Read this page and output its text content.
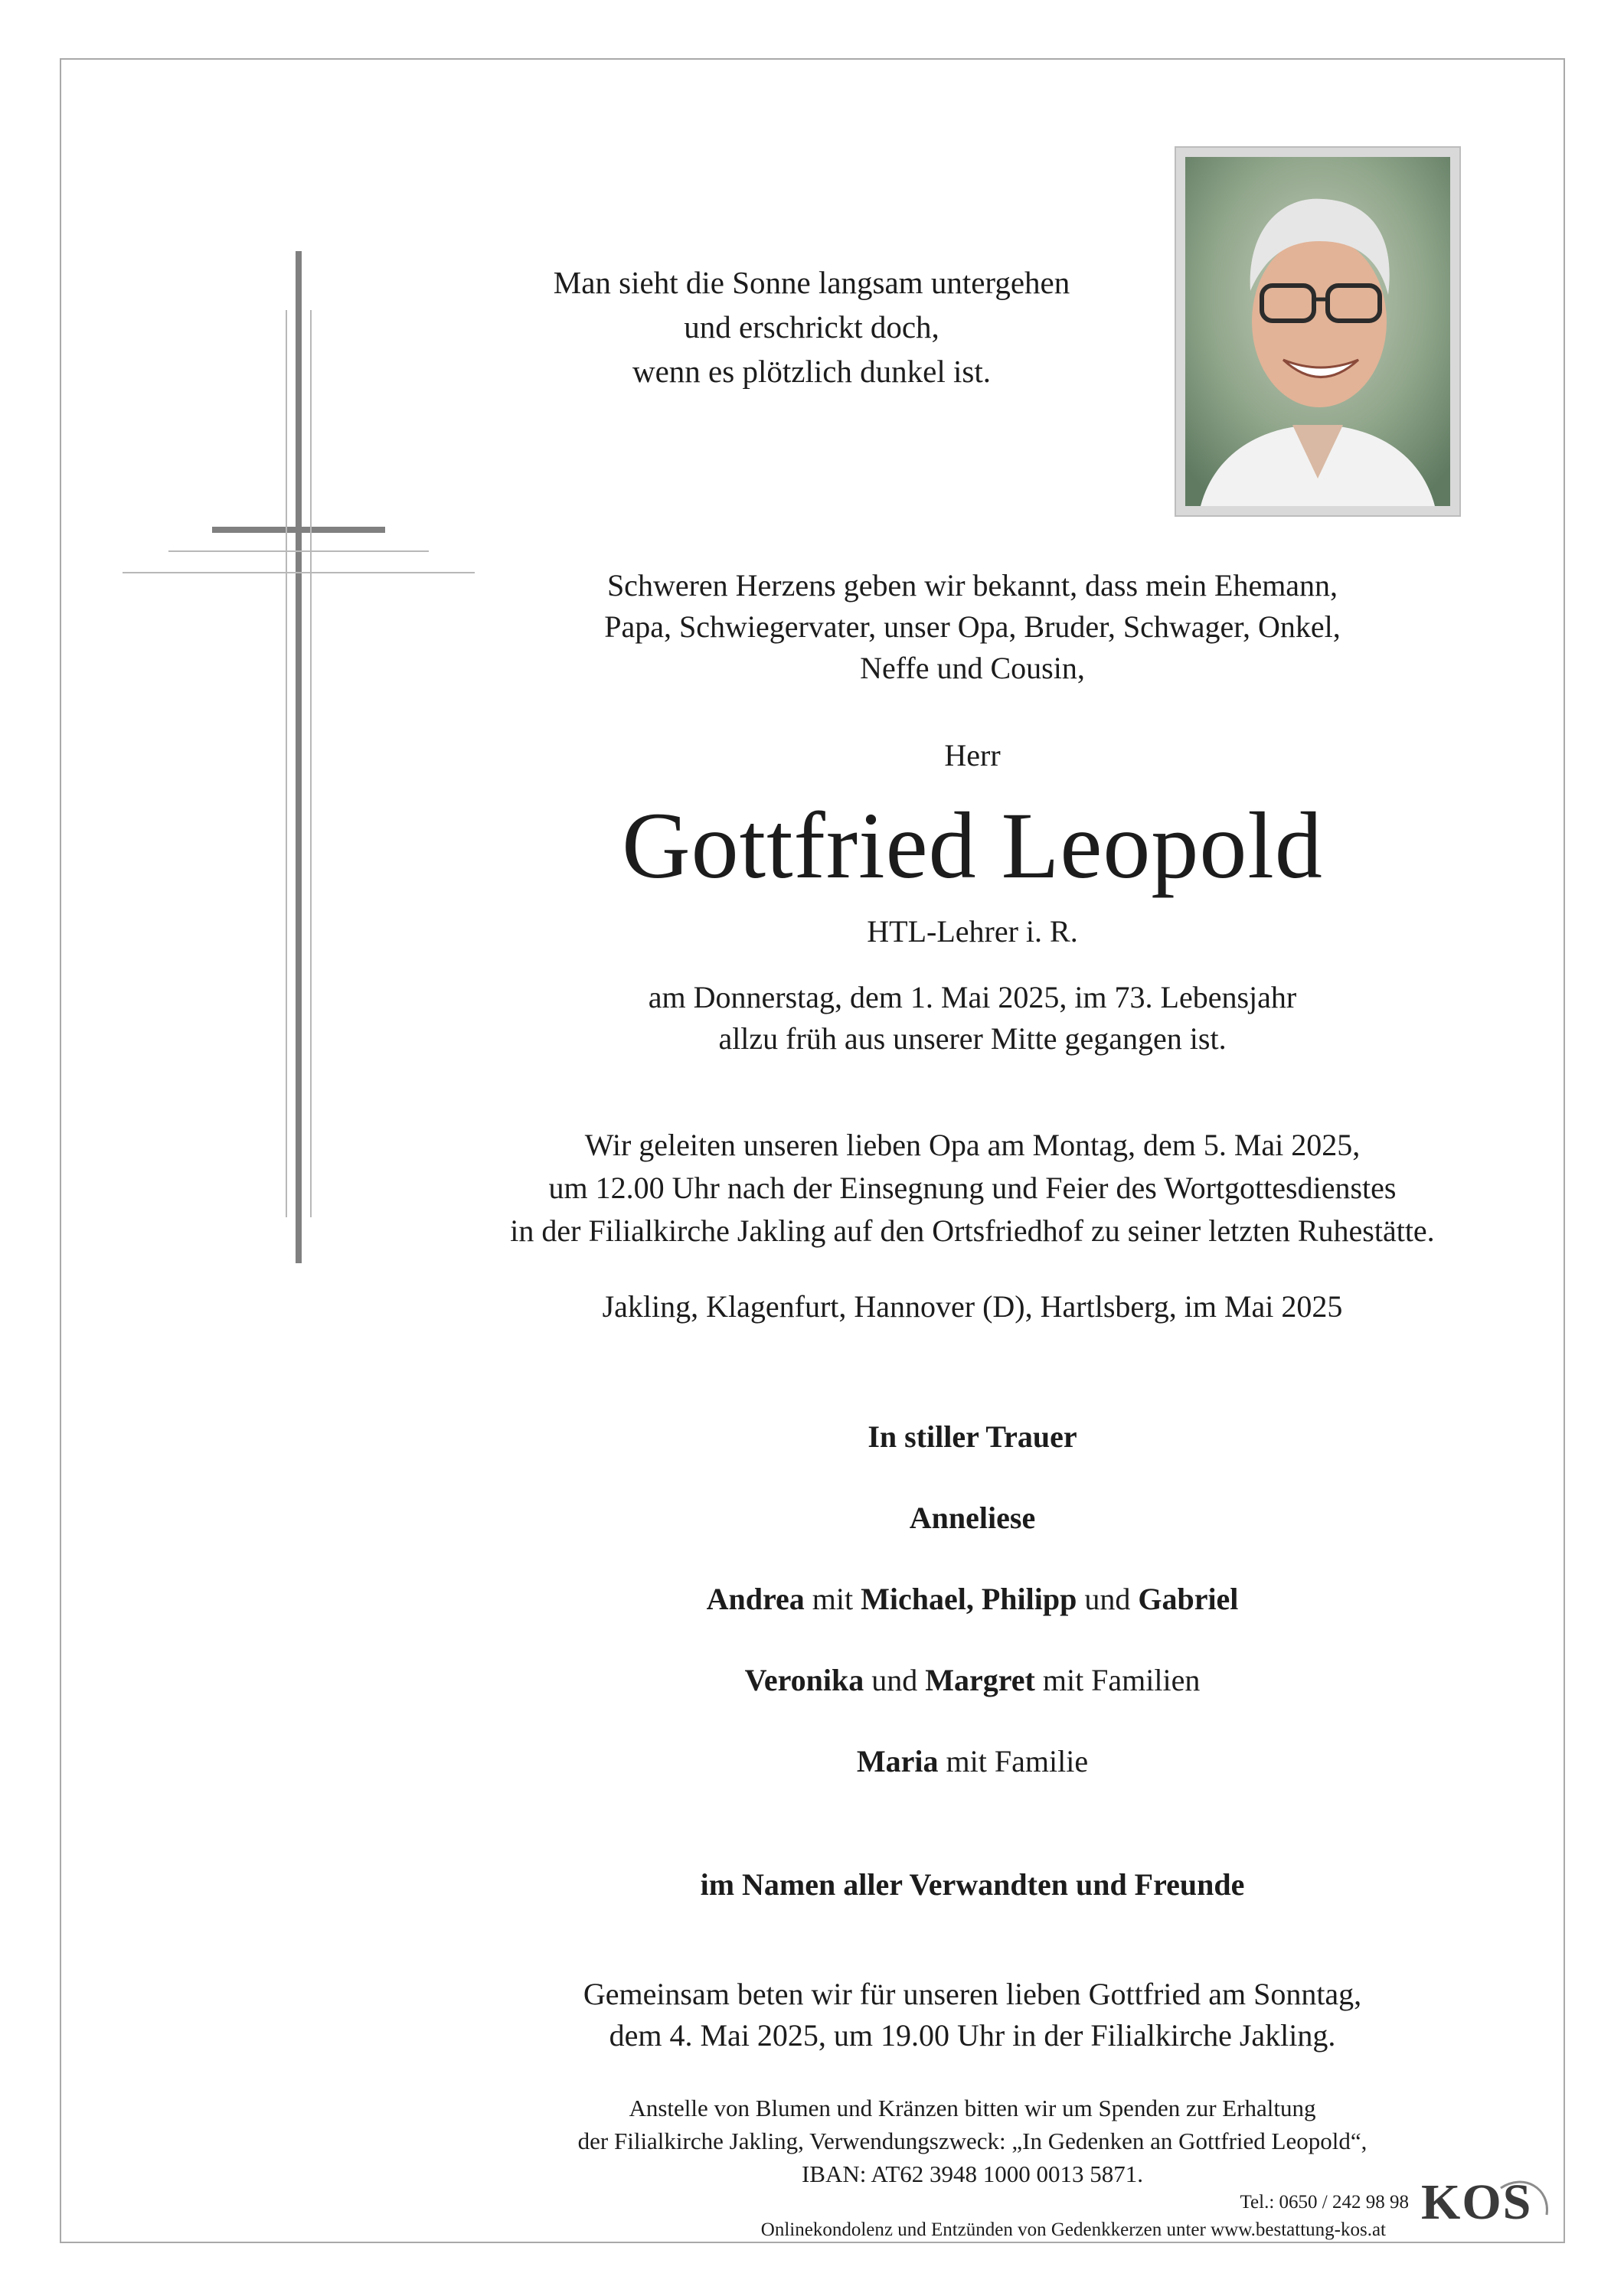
Man sieht die Sonne langsam untergehen
und erschrickt doch,
wenn es plötzlich dunkel ist.
Schweren Herzens geben wir bekannt, dass mein Ehemann,
Papa, Schwiegervater, unser Opa, Bruder, Schwager, Onkel,
Neffe und Cousin,
Herr
Gottfried Leopold
HTL-Lehrer i. R.
am Donnerstag, dem 1. Mai 2025, im 73. Lebensjahr
allzu früh aus unserer Mitte gegangen ist.
Wir geleiten unseren lieben Opa am Montag, dem 5. Mai 2025,
um 12.00 Uhr nach der Einsegnung und Feier des Wortgottesdienstes
in der Filialkirche Jakling auf den Ortsfriedhof zu seiner letzten Ruhestätte.
Jakling, Klagenfurt, Hannover (D), Hartlsberg, im Mai 2025
In stiller Trauer
Anneliese
Andrea mit Michael, Philipp und Gabriel
Veronika und Margret mit Familien
Maria mit Familie
im Namen aller Verwandten und Freunde
Gemeinsam beten wir für unseren lieben Gottfried am Sonntag,
dem 4. Mai 2025, um 19.00 Uhr in der Filialkirche Jakling.
Anstelle von Blumen und Kränzen bitten wir um Spenden zur Erhaltung
der Filialkirche Jakling, Verwendungszweck: „In Gedenken an Gottfried Leopold“,
IBAN: AT62 3948 1000 0013 5871.
Tel.: 0650 / 242 98 98
Onlinekondolenz und Entzünden von Gedenkkerzen unter www.bestattung-kos.at KOS
